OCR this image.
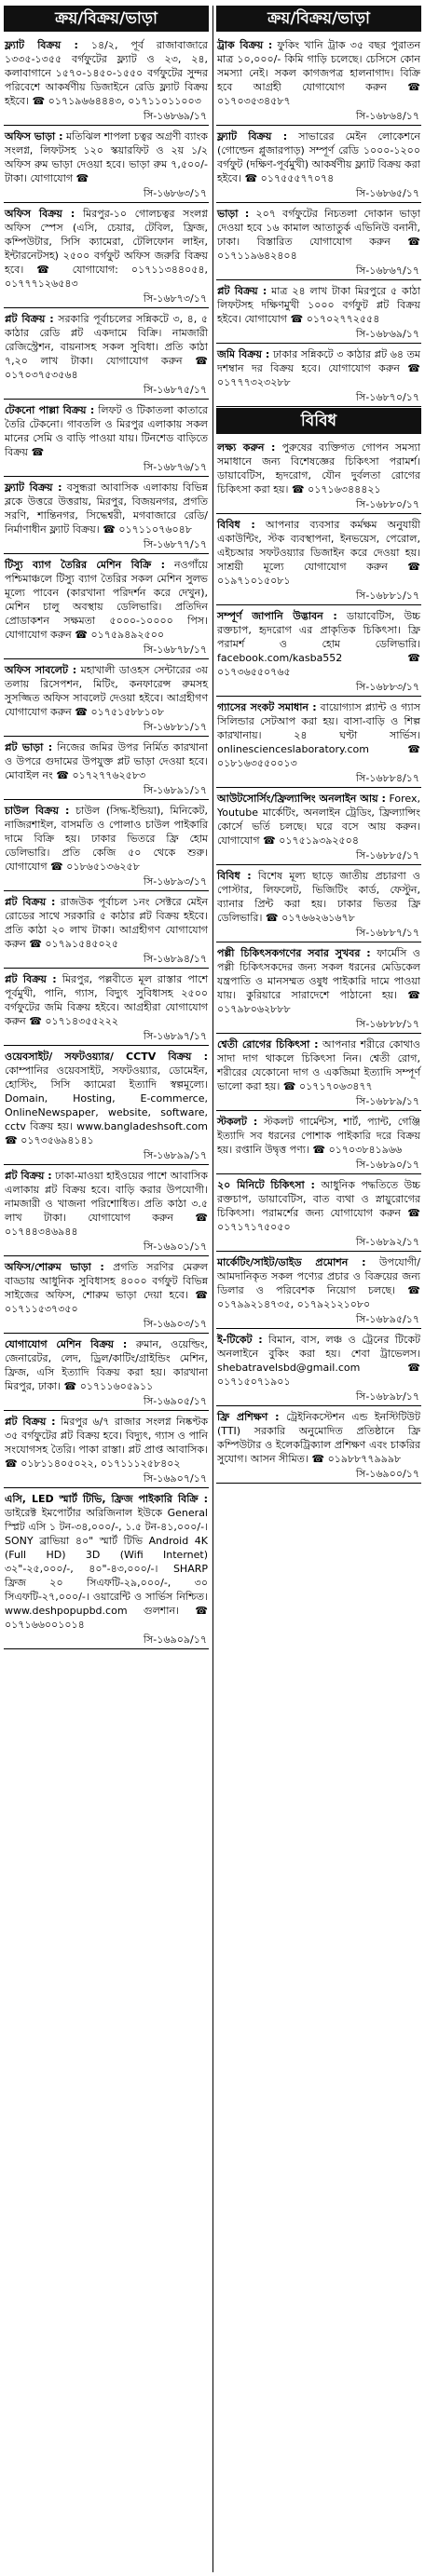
ক্রয়/বিক্রয়/ভাড়া
ফ্ল্যাট বিক্রয় : ১৪/২, পূর্ব রাজাবাজারে ১৩৩৫-১৩৫৫ বর্গফুটের ফ্ল্যাট ও ২৩, ২৪, কলাবাগানে ১৫৭০-১৪৫০-১৫৫০ বর্গফুটের সুন্দর পরিবেশে আকর্ষণীয় ডিজাইনে রেডি ফ্ল্যাট বিক্রয় হইবে। ☎ ০১৭১৯৬৬৪৪৪৩, ০১৭১১০১১০০৩
সি-১৬৮৬৯/১৭
অফিস ভাড়া : মতিঝিল শাপলা চত্বর অগ্রণী ব্যাংক সংলগ্ন, লিফটসহ ১২০ স্কয়ারফিট ও ২য় ১/২ অফিস রুম ভাড়া দেওয়া হবে। ভাড়া রুম ৭,৫০০/- টাকা। যোগাযোগ ☎
সি-১৬৮৬৩/১৭
অফিস বিক্রয় : মিরপুর-১০ গোলচত্বর সংলগ্ন অফিস স্পেস (এসি, চেয়ার, টেবিল, ফ্রিজ, কম্পিউটার, সিসি ক্যামেরা, টেলিফোন লাইন, ইন্টারনেটসহ) ২৫০০ বর্গফুট অফিস জরুরি বিক্রয় হবে। ☎ যোগাযোগ: ০১৭১১৩৪৪০৫৪, ০১৭৭৭১২৬৫৪৩
সি-১৬৮৭৩/১৭
প্লট বিক্রয় : সরকারি পূর্বাচলের সন্নিকটে ৩, ৪, ৫ কাঠার রেডি প্লট একদামে বিক্রি। নামজারী রেজিস্ট্রেশন, বায়নাসহ সকল সুবিধা। প্রতি কাঠা ৭,২০ লাখ টাকা। যোগাযোগ করুন ☎ ০১৭০৩৭৫৩৫৬৪
সি-১৬৮৭৫/১৭
টেকনো পাল্লা বিক্রয় : লিফট ও টিকাতলা কাতারে তৈরি টেকনো। গাবতলি ও মিরপুর এলাকায় সকল মানের সেমি ও বাড়ি পাওয়া যায়। টিনশেড বাড়িতে বিক্রয় ☎
সি-১৬৮৭৬/১৭
ফ্ল্যাট বিক্রয় : বসুন্ধরা আবাসিক এলাকায় বিভিন্ন ব্লকে উত্তরে উত্তরায়, মিরপুর, বিজয়নগর, প্রগতি সরণি, শান্তিনগর, সিদ্ধেশ্বরী, মগবাজারে রেডি/নির্মাণাধীন ফ্ল্যাট বিক্রয়। ☎ ০১৭১১০৭৬০৪৮
সি-১৬৮৭৭/১৭
টিস্যু ব্যাগ তৈরির মেশিন বিক্রি : নওগাঁয়ে পশ্চিমাঞ্চলে টিস্যু ব্যাগ তৈরির সকল মেশিন সুলভ মূল্যে পাবেন (কারখানা পরিদর্শন করে দেখুন), মেশিন চালু অবস্থায় ডেলিভারি। প্রতিদিন প্রোডাকশন সক্ষমতা ৫০০০-১০০০০ পিস। যোগাযোগ করুন ☎ ০১৭৫৯৪৯২৫০০
সি-১৬৮৭৮/১৭
অফিস সাবলেট : মহাখালী ডাওহস সেন্টারের ৩য় তলায় রিসেপশন, মিটিং, কনফারেন্স রুমসহ সুসজ্জিত অফিস সাবলেট দেওয়া হইবে। আগ্রহীগণ যোগাযোগ করুন ☎ ০১৭৫১৫৮৮১০৮
সি-১৬৮৮১/১৭
প্লট ভাড়া : নিজের জমির উপর নির্মিত কারখানা ও উপরে গুদামের উপযুক্ত প্লট ভাড়া দেওয়া হবে। মোবাইল নং ☎ ০১৭২৭৭৬২৫৮৩
সি-১৬৮৯১/১৭
চাউল বিক্রয় : চাউল (সিদ্ধ-ইন্ডিয়া), মিনিকেট, নাজিরশাইল, বাসমতি ও পোলাও চাউল পাইকারি দামে বিক্রি হয়। ঢাকার ভিতরে ফ্রি হোম ডেলিভারি। প্রতি কেজি ৫০ থেকে শুরু। যোগাযোগ ☎ ০১৮৬৫১৩৬২৫৮
সি-১৬৮৯৩/১৭
প্লট বিক্রয় : রাজউক পূর্বাচল ১নং সেক্টরে মেইন রোডের সাথে সরকারি ৫ কাঠার প্লট বিক্রয় হইবে। প্রতি কাঠা ২০ লাখ টাকা। আগ্রহীগণ যোগাযোগ করুন ☎ ০১৭৯১৫৪৫০২৫
সি-১৬৮৯৪/১৭
প্লট বিক্রয় : মিরপুর, পল্লবীতে মূল রাস্তার পাশে পূর্বমুখী, পানি, গ্যাস, বিদ্যুৎ সুবিধাসহ ২৫০০ বর্গফুটের জমি বিক্রয় হইবে। আগ্রহীরা যোগাযোগ করুন ☎ ০১৭১৪৩৫৫২২২
সি-১৬৮৯৭/১৭
ওয়েবসাইট/ সফটওয়্যার/ CCTV বিক্রয় : কোম্পানির ওয়েবসাইট, সফটওয়্যার, ডোমেইন, হোস্টিং, সিসি ক্যামেরা ইত্যাদি স্বল্পমূল্যে। Domain, Hosting, E-commerce, OnlineNewspaper, website, software, cctv বিক্রয় হয়। www.bangladeshsoft.com ☎ ০১৭৩৫৬৯৪১৪১
সি-১৬৮৯৯/১৭
প্লট বিক্রয় : ঢাকা-মাওয়া হাইওয়ের পাশে আবাসিক এলাকায় প্লট বিক্রয় হবে। বাড়ি করার উপযোগী। নামজারী ও খাজনা পরিশোধিত। প্রতি কাঠা ৩.৫ লাখ টাকা। যোগাযোগ করুন ☎ ০১৭৪৪৩৪৬৯৪৪
সি-১৬৯০১/১৭
অফিস/শোরুম ভাড়া : প্রগতি সরণির মেরুল বাড্ডায় আধুনিক সুবিধাসহ ৪০০০ বর্গফুট বিভিন্ন সাইজের অফিস, শোরুম ভাড়া দেয়া হবে। ☎ ০১৭১১৫৩৭৩৫০
সি-১৬৯০৩/১৭
যোগাযোগ মেশিন বিক্রয় : রুমান, ওয়েল্ডিং, জেনারেটর, লেদ, ড্রিল/কাটিং/গ্রাইন্ডিং মেশিন, ফ্রিজ, এসি ইত্যাদি বিক্রয় করা হয়। কারখানা মিরপুর, ঢাকা। ☎ ০১৭১১৬০৫৯১১
সি-১৬৯০৫/১৭
প্লট বিক্রয় : মিরপুর ৬/৭ রাজার সংলগ্ন নিষ্কণ্টক ৩৫ বর্গফুটের প্লট বিক্রয় হবে। বিদ্যুৎ, গ্যাস ও পানি সংযোগসহ তৈরি। পাকা রাস্তা। প্লট প্রাপ্ত আবাসিক। ☎ ০১৮১১৪০৫০২২, ০১৭১১১২৫৮৪০২
সি-১৬৯০৭/১৭
এসি, LED স্মার্ট টিভি, ফ্রিজ পাইকারি বিক্রি : ডাইরেক্ট ইমপোর্টার অরিজিনাল ইউকে General স্প্লিট এসি ১ টন-৩৪,০০০/-, ১.৫ টন-৪১,০০০/-। SONY ব্রাভিয়া ৪০" স্মার্ট টিভি Android 4K (Full HD) 3D (Wifi Internet) ৩২"-২৫,০০০/-, ৪০"-৪৩,০০০/-। SHARP ফ্রিজ ২০ সিএফটি-২৯,০০০/-, ৩০ সিএফটি-২৭,০০০/-। ওয়ারেন্টি ও সার্ভিস নিশ্চিত। www.deshpopupbd.com গুলশান। ☎ ০১৭১৬৬০০১০১৪
সি-১৬৯০৯/১৭
ক্রয়/বিক্রয়/ভাড়া
ট্রাক বিক্রয় : ফুকিং খানি ট্রাক ৩৫ বছর পুরাতন মাত্র ১০,০০০/- কিমি গাড়ি চলেছে। চেসিসে কোন সমস্যা নেই। সকল কাগজপত্র হালনাগাদ। বিক্রি হবে আগ্রহী যোগাযোগ করুন ☎ ০১৭০৩৫৩৪৫৮৭
সি-১৬৮৬৪/১৭
ফ্ল্যাট বিক্রয় : সাভারের মেইন লোকেশনে (গোল্ডেন প্লুজারপাড়) সম্পূর্ণ রেডি ১০০০-১২০০ বর্গফুট (দক্ষিণ-পূর্বমুখী) আকর্ষণীয় ফ্ল্যাট বিক্রয় করা হইবে। ☎ ০১৭৫৫৫৭৭০৭৪
সি-১৬৮৬৫/১৭
ভাড়া : ২০৭ বর্গফুটের নিচতলা দোকান ভাড়া দেওয়া হবে ১৬ কামাল আতাতুর্ক এভিনিউ বনানী, ঢাকা। বিস্তারিত যোগাযোগ করুন ☎ ০১৭১১৯৬৪২৪০৪
সি-১৬৮৬৭/১৭
প্লট বিক্রয় : মাত্র ২৪ লাখ টাকা মিরপুরে ৫ কাঠা লিফটসহ দক্ষিণমুখী ১০০০ বর্গফুট প্লট বিক্রয় হইবে। যোগাযোগ ☎ ০১৭০২৭৭২৫৫৪
সি-১৬৮৬৯/১৭
জমি বিক্রয় : ঢাকার সন্নিকটে ৩ কাঠার প্লট ৬৪ তম দশম্বান দর বিক্রয় হবে। যোগাযোগ করুন ☎ ০১৭৭৭৩২৩২৮৮
সি-১৬৮৭০/১৭
বিবিধ
লক্ষ্য করুন : পুরুষের ব্যক্তিগত গোপন সমস্যা সমাধানে জন্য বিশেষজ্ঞের চিকিৎসা পরামর্শ। ডায়াবেটিস, হৃদরোগ, যৌন দুর্বলতা রোগের চিকিৎসা করা হয়। ☎ ০১৭১৬৩৪৪৪২১
সি-১৬৮৮০/১৭
বিবিধ : আপনার ব্যবসার কর্মক্ষম অনুযায়ী একাউন্টিং, স্টক ব্যবস্থাপনা, ইনভয়েস, পেরোল, এইচআর সফটওয়্যার ডিজাইন করে দেওয়া হয়। সাশ্রয়ী মূল্যে যোগাযোগ করুন ☎ ০১৯৭১০১৫০৮১
সি-১৬৮৮১/১৭
সম্পূর্ণ জাপানি উদ্ভাবন : ডায়াবেটিস, উচ্চ রক্তচাপ, হৃদরোগ এর প্রাকৃতিক চিকিৎসা। ফ্রি পরামর্শ ও হোম ডেলিভারি। facebook.com/kasba552 ☎ ০১৭৩৬৫৫০৭৬৫
সি-১৬৮৮৩/১৭
গ্যাসের সংকট সমাধান : বায়োগ্যাস প্ল্যান্ট ও গ্যাস সিলিন্ডার সেটআপ করা হয়। বাসা-বাড়ি ও শিল্প কারখানায়। ২৪ ঘণ্টা সার্ভিস। onlinescienceslaboratory.com ☎ ০১৮১৬৩৫৫০০১৩
সি-১৬৮৮৪/১৭
আউটসোর্সিং/ফ্রিল্যান্সিং অনলাইন আয় : Forex, Youtube মার্কেটিং, অনলাইন ট্রেডিং, ফ্রিল্যান্সিং কোর্সে ভর্তি চলছে। ঘরে বসে আয় করুন। যোগাযোগ ☎ ০১৭৫১৯৩৯২৫০৪
সি-১৬৮৮৫/১৭
বিবিধ : বিশেষ মূল্য ছাড়ে জাতীয় প্রচারণা ও পোস্টার, লিফলেট, ভিজিটিং কার্ড, ফেস্টুন, ব্যানার প্রিন্ট করা হয়। ঢাকার ভিতর ফ্রি ডেলিভারি। ☎ ০১৭৬৬২৬১৬৭৮
সি-১৬৮৮৭/১৭
পল্লী চিকিৎসকগণের সবার সুখবর : ফার্মেসি ও পল্লী চিকিৎসকদের জন্য সকল ধরনের মেডিকেল যন্ত্রপাতি ও মানসম্মত ওষুধ পাইকারি দামে পাওয়া যায়। কুরিয়ারে সারাদেশে পাঠানো হয়। ☎ ০১৭৯৮০৬২৮৮৮
সি-১৬৮৮৮/১৭
শ্বেতী রোগের চিকিৎসা : আপনার শরীরে কোথাও সাদা দাগ থাকলে চিকিৎসা নিন। শ্বেতী রোগ, শরীরের যেকোনো দাগ ও একজিমা ইত্যাদি সম্পূর্ণ ভালো করা হয়। ☎ ০১৭১৭০৬৩৪৭৭
সি-১৬৮৮৯/১৭
স্টকলট : স্টকলট গার্মেন্টস, শার্ট, প্যান্ট, গেঞ্জি ইত্যাদি সব ধরনের পোশাক পাইকারি দরে বিক্রয় হয়। রপ্তানি উদ্বৃত্ত পণ্য। ☎ ০১৭০৩৮৪১৯৬৬
সি-১৬৮৯০/১৭
২০ মিনিটে চিকিৎসা : আধুনিক পদ্ধতিতে উচ্চ রক্তচাপ, ডায়াবেটিস, বাত ব্যথা ও স্নায়ুরোগের চিকিৎসা। পরামর্শের জন্য যোগাযোগ করুন ☎ ০১৭১৭১৭৫০৫০
সি-১৬৮৯২/১৭
মার্কেটিং/সাইট/ডাইড প্রমোশন : উপযোগী/আমদানিকৃত সকল পণ্যের প্রচার ও বিক্রয়ের জন্য ডিলার ও পরিবেশক নিয়োগ চলছে। ☎ ০১৭৯৯২১৪৭৩৫, ০১৭৯২১২১০৮০
সি-১৬৮৯৫/১৭
ই-টিকেট : বিমান, বাস, লঞ্চ ও ট্রেনের টিকেট অনলাইনে বুকিং করা হয়। শেবা ট্রাভেলস। shebatravelsbd@gmail.com ☎ ০১৭১৫০৭১৯০১
সি-১৬৮৯৮/১৭
ফ্রি প্রশিক্ষণ : ট্রেইনিকস্টেশন এন্ড ইনস্টিটিউট (TTI) সরকারি অনুমোদিত প্রতিষ্ঠানে ফ্রি কম্পিউটার ও ইলেকট্রিক্যাল প্রশিক্ষণ এবং চাকরির সুযোগ। আসন সীমিত। ☎ ০১৯৮৮৭৭৯৯৯৮
সি-১৬৯০০/১৭
